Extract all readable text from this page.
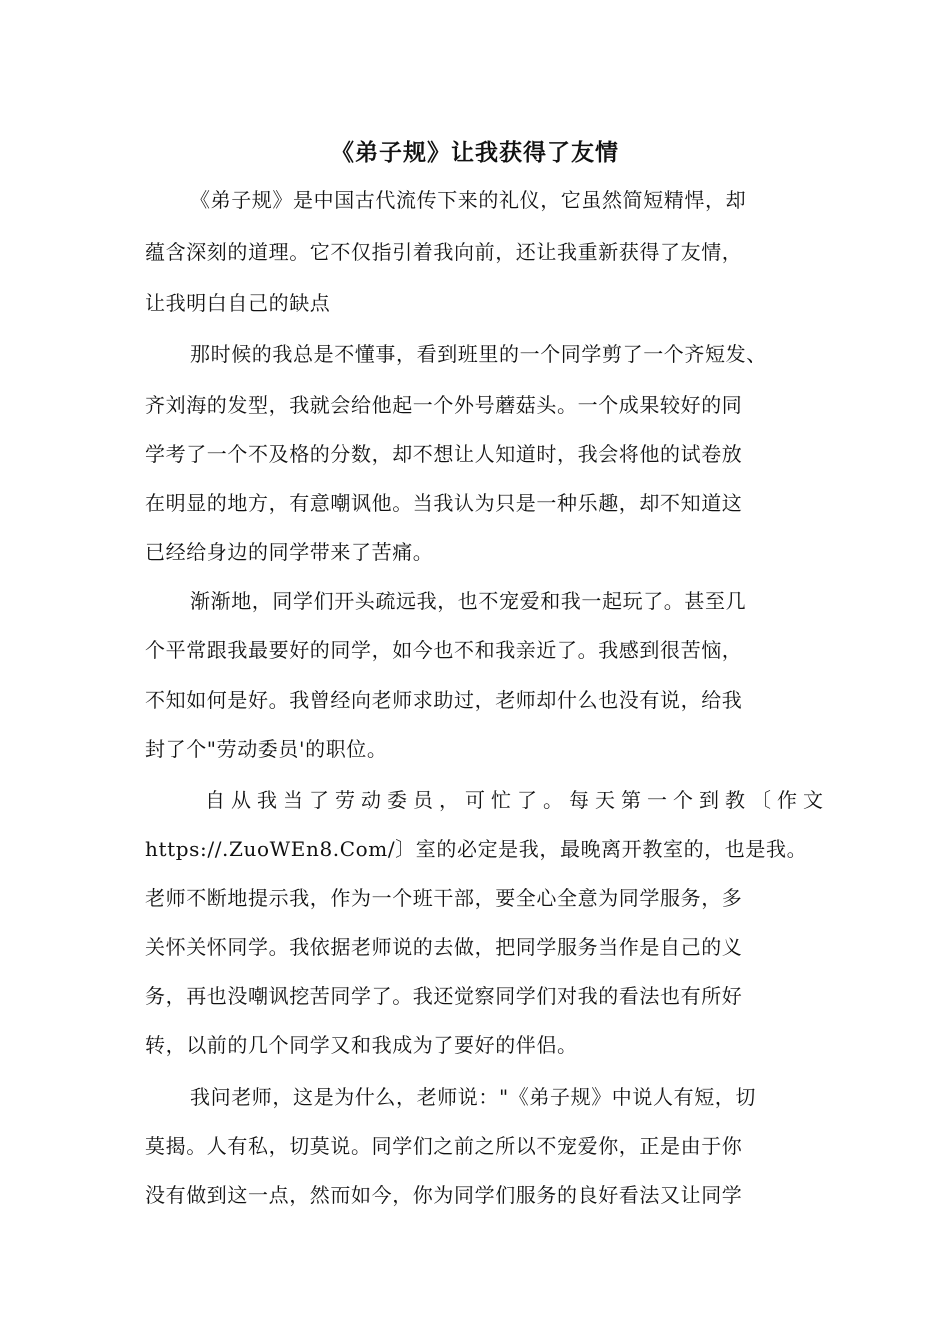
《弟子规》让我获得了友情
《弟子规》是中国古代流传下来的礼仪，它虽然简短精悍，却
蕴含深刻的道理。它不仅指引着我向前，还让我重新获得了友情，
让我明白自己的缺点
那时候的我总是不懂事，看到班里的一个同学剪了一个齐短发、
齐刘海的发型，我就会给他起一个外号蘑菇头。一个成果较好的同
学考了一个不及格的分数，却不想让人知道时，我会将他的试卷放
在明显的地方，有意嘲讽他。当我认为只是一种乐趣，却不知道这
已经给身边的同学带来了苦痛。
渐渐地，同学们开头疏远我，也不宠爱和我一起玩了。甚至几
个平常跟我最要好的同学，如今也不和我亲近了。我感到很苦恼，
不知如何是好。我曾经向老师求助过，老师却什么也没有说，给我
封了个"劳动委员'的职位。
自从我当了劳动委员，可忙了。每天第一个到教〔作文
https://.ZuoWEn8.Com/〕室的必定是我，最晚离开教室的，也是我。
老师不断地提示我，作为一个班干部，要全心全意为同学服务，多
关怀关怀同学。我依据老师说的去做，把同学服务当作是自己的义
务，再也没嘲讽挖苦同学了。我还觉察同学们对我的看法也有所好
转，以前的几个同学又和我成为了要好的伴侣。
我问老师，这是为什么，老师说："《弟子规》中说人有短，切
莫揭。人有私，切莫说。同学们之前之所以不宠爱你，正是由于你
没有做到这一点，然而如今，你为同学们服务的良好看法又让同学
